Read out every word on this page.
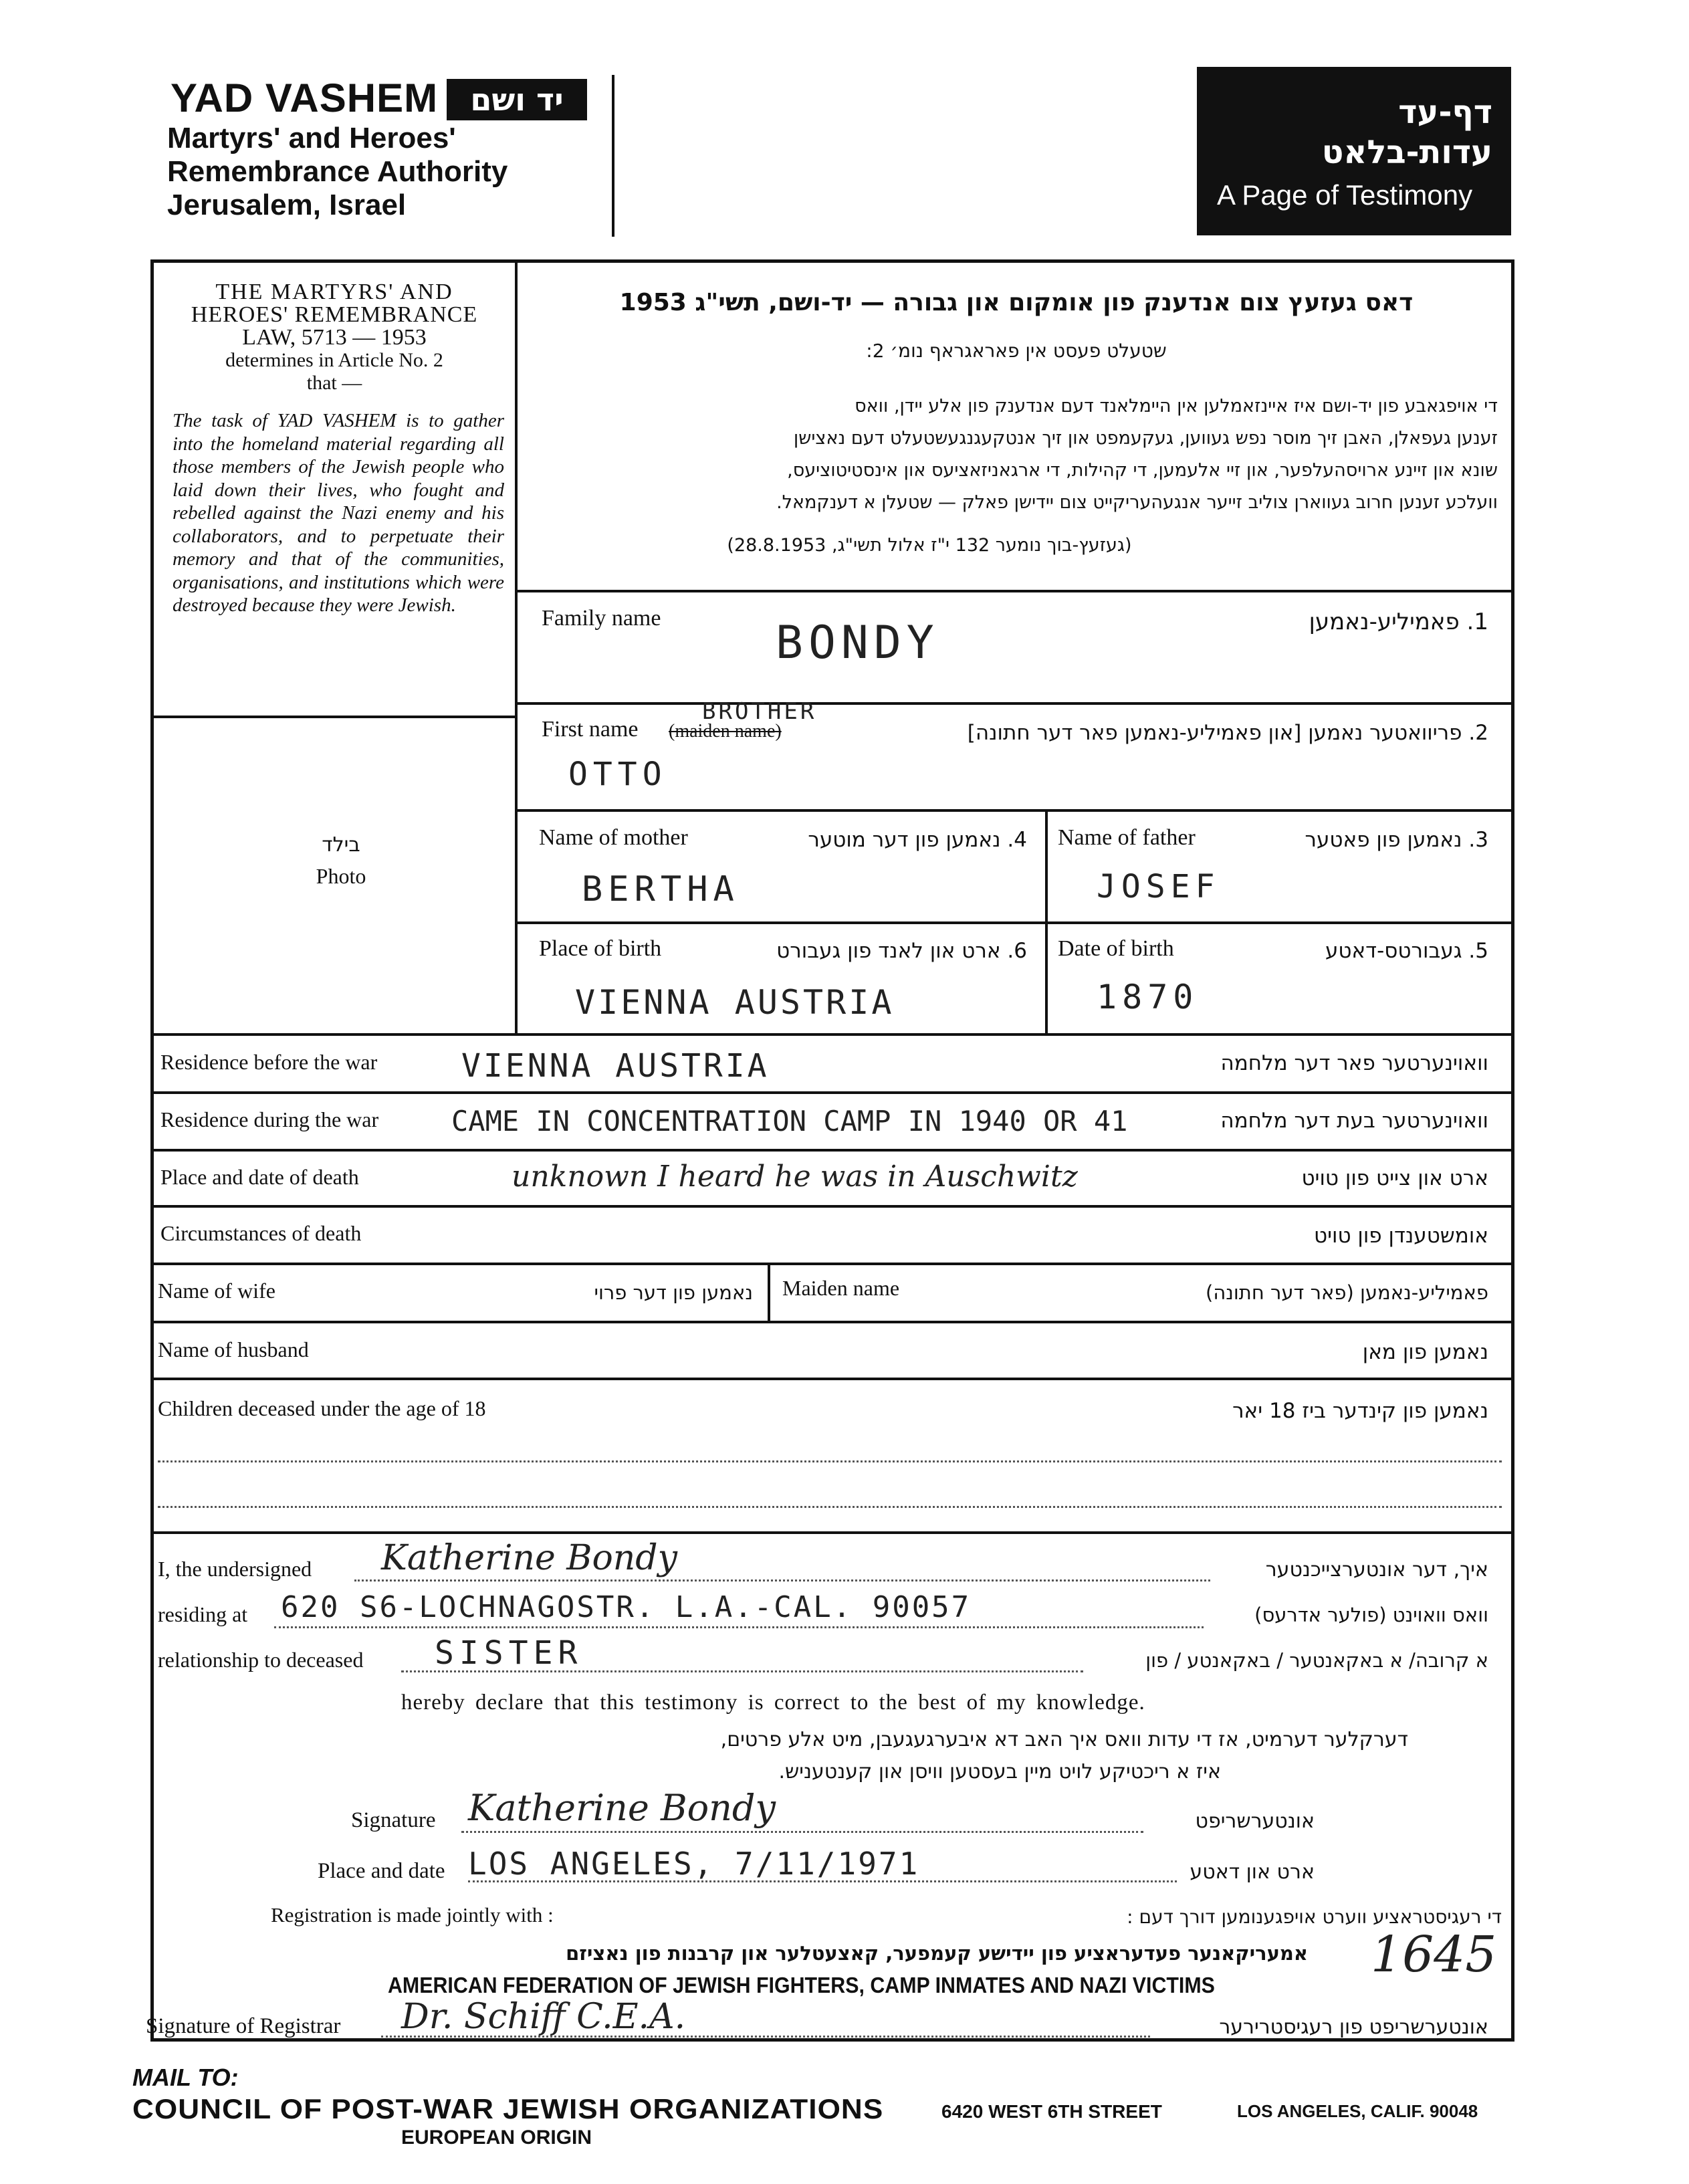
YAD VASHEM	יד ושם
Martyrs' and Heroes'
Remembrance Authority
Jerusalem, Israel
דף-עד
עדות-בלאט
A Page of Testimony
THE MARTYRS' AND
HEROES' REMEMBRANCE
LAW, 5713 — 1953
determines in Article No. 2
that —
The task of YAD VASHEM is to gather into the homeland material regarding all those members of the Jewish people who laid down their lives, who fought and rebelled against the Nazi enemy and his collaborators, and to perpetuate their memory and that of the communities, organisations, and institutions which were destroyed because they were Jewish.
דאס געזעץ צום אנדענק פון אומקום און גבורה — יד-ושם, תשי"ג 1953
שטעלט פעסט אין פאראגראף נומ׳ 2:
די אויפגאבע פון יד-ושם איז איינזאמלען אין היימלאנד דעם אנדענק פון אלע יידן, וואס
זענען געפאלן, האבן זיך מוסר נפש געווען, געקעמפט און זיך אנטקעגנגעשטעלט דעם נאצישן
שונא און זיינע ארויסהעלפער, און זיי אלעמען, די קהילות, די ארגאניזאציעס און אינסטיטוציעס,
וועלכע זענען חרוב געווארן צוליב זייער אנגעהעריקייט צום יידישן פאלק — שטעלן א דענקמאל.
(געזעץ-בוך נומער 132 י"ז אלול תשי"ג, 28.8.1953)
בילד
Photo
Family name	1. פאמיליע-נאמען
BONDY
First name (maiden name)
BROTHER
2. פריוואטער נאמען [און פאמיליע-נאמען פאר דער חתונה]
OTTO
Name of mother	4. נאמען פון דער מוטער
BERTHA
Name of father	3. נאמען פון פאטער
JOSEF
Place of birth	6. ארט און לאנד פון געבורט
VIENNA AUSTRIA
Date of birth	5. געבורטס-דאטע
1870
Residence before the war	וואוינערטער פאר דער מלחמה
VIENNA AUSTRIA
Residence during the war	וואוינערטער בעת דער מלחמה
CAME IN CONCENTRATION CAMP IN 1940 OR 41
Place and date of death	ארט און צייט פון טויט
unknown I heard he was in Auschwitz
Circumstances of death	אומשטענדן פון טויט
Name of wife	נאמען פון דער פרוי Maiden name	פאמיליע-נאמען (פאר דער חתונה)
Name of husband	נאמען פון מאן
Children deceased under the age of 18	נאמען פון קינדער ביז 18 יאר
I, the undersigned Katherine Bondy	איך, דער אונטערצייכנטער
residing at 620 S6-LOCHNAGOSTR. L.A.-CAL. 90057	וואס וואוינט (פולער אדרעס)
relationship to deceased SISTER	א קרובה/ א באקאנטער / באקאנטע / פון
hereby declare that this testimony is correct to the best of my knowledge.
דערקלער דערמיט, אז די עדות וואס איך האב דא איבערגעגעבן, מיט אלע פרטים,
איז א ריכטיקע לויט מיין בעסטען וויסן און קענטעניש.
Signature Katherine Bondy	אונטערשריפט
Place and date LOS ANGELES, 7/11/1971	ארט און דאטע
Registration is made jointly with :	די רעגיסטראציע ווערט אויפגענומען דורך דעם :
אמעריקאנער פעדעראציע פון יידישע קעמפער, קאצעטלער און קרבנות פון נאציזם
AMERICAN FEDERATION OF JEWISH FIGHTERS, CAMP INMATES AND NAZI VICTIMS
1645
Signature of Registrar Dr. Schiff C.E.A.	אונטערשריפט פון רעגיסטרירער
MAIL TO:
COUNCIL OF POST-WAR JEWISH ORGANIZATIONS
EUROPEAN ORIGIN
6420 WEST 6TH STREET	LOS ANGELES, CALIF. 90048
